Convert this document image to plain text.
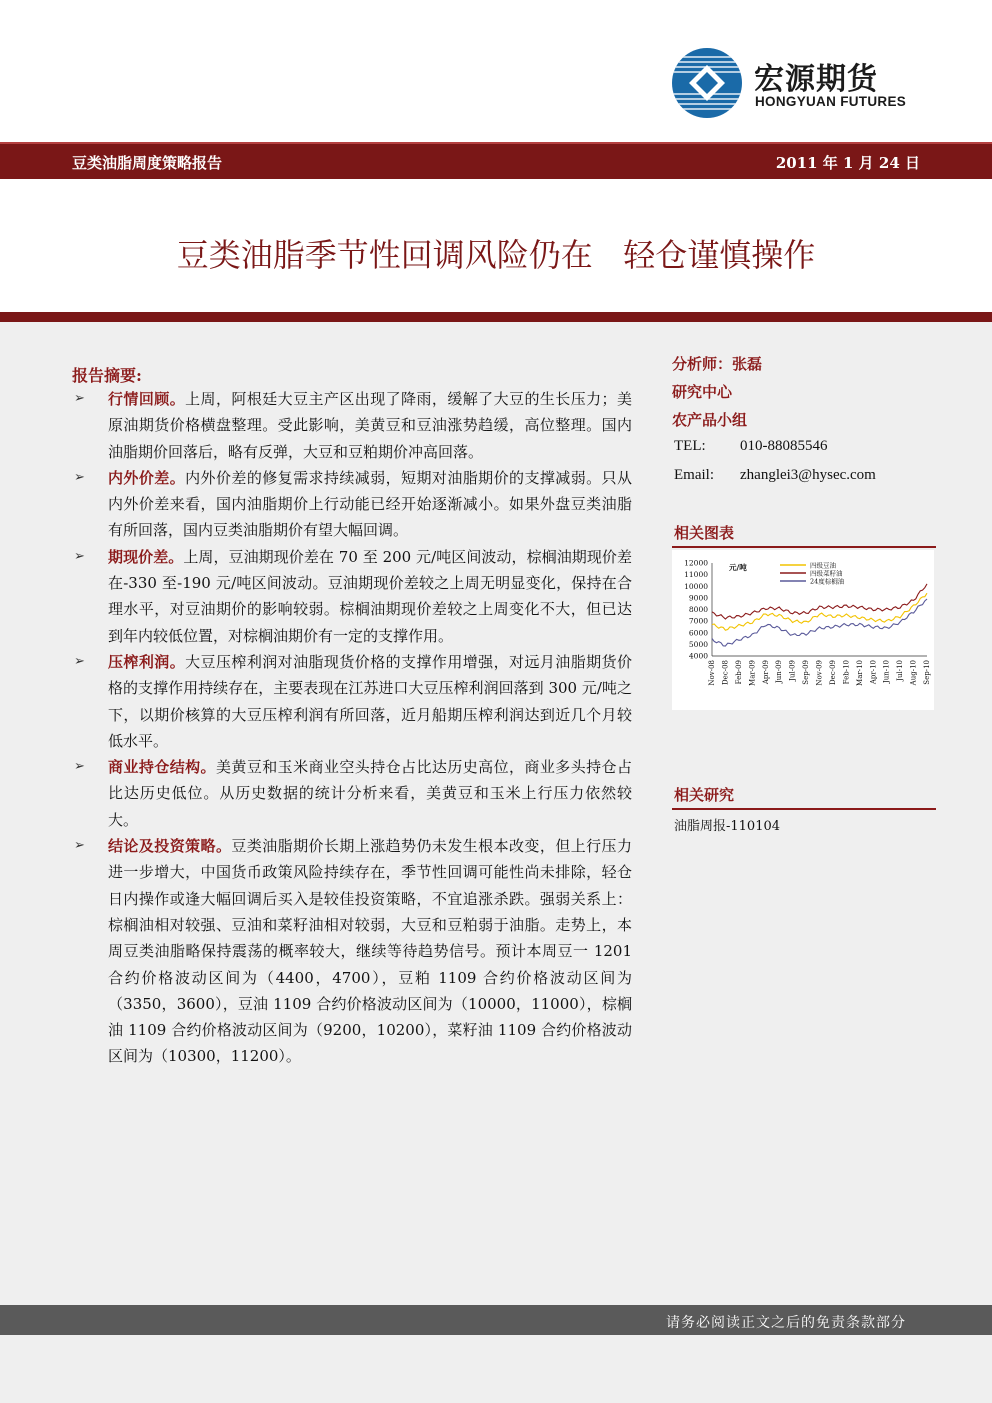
宏源期货
HONGYUAN FUTURES
豆类油脂周度策略报告	2011 年 1 月 24 日
豆类油脂季节性回调风险仍在   轻仓谨慎操作
报告摘要:
➢ 行情回顾。上周，阿根廷大豆主产区出现了降雨，缓解了大豆的生长压力；美原油期货价格横盘整理。受此影响，美黄豆和豆油涨势趋缓，高位整理。国内油脂期价回落后，略有反弹，大豆和豆粕期价冲高回落。
➢ 内外价差。内外价差的修复需求持续减弱，短期对油脂期价的支撑减弱。只从内外价差来看，国内油脂期价上行动能已经开始逐渐减小。如果外盘豆类油脂有所回落，国内豆类油脂期价有望大幅回调。
➢ 期现价差。上周，豆油期现价差在 70 至 200 元/吨区间波动，棕榈油期现价差在-330 至-190 元/吨区间波动。豆油期现价差较之上周无明显变化，保持在合理水平，对豆油期价的影响较弱。棕榈油期现价差较之上周变化不大，但已达到年内较低位置，对棕榈油期价有一定的支撑作用。
➢ 压榨利润。大豆压榨利润对油脂现货价格的支撑作用增强，对远月油脂期货价格的支撑作用持续存在，主要表现在江苏进口大豆压榨利润回落到 300 元/吨之下，以期价核算的大豆压榨利润有所回落，近月船期压榨利润达到近几个月较低水平。
➢ 商业持仓结构。美黄豆和玉米商业空头持仓占比达历史高位，商业多头持仓占比达历史低位。从历史数据的统计分析来看，美黄豆和玉米上行压力依然较大。
➢ 结论及投资策略。豆类油脂期价长期上涨趋势仍未发生根本改变，但上行压力进一步增大，中国货币政策风险持续存在，季节性回调可能性尚未排除，轻仓日内操作或逢大幅回调后买入是较佳投资策略，不宜追涨杀跌。强弱关系上：棕榈油相对较强、豆油和菜籽油相对较弱，大豆和豆粕弱于油脂。走势上，本周豆类油脂略保持震荡的概率较大，继续等待趋势信号。预计本周豆一 1201 合约价格波动区间为（4400，4700），豆粕 1109 合约价格波动区间为（3350，3600），豆油 1109 合约价格波动区间为（10000，11000），棕榈油 1109 合约价格波动区间为（9200，10200），菜籽油 1109 合约价格波动区间为（10300，11200）。
分析师：张磊
研究中心
农产品小组
TEL: 010-88085546
Email: zhanglei3@hysec.com
相关图表
12000
11000
10000
9000
8000
7000
6000
5000
4000
Nov-08 Dec-08 Feb-09 Mar-09 Apr-09 Jun-09 Jul-09 Sep-09 Nov-09 Dec-09 Feb-10 Mar-10 Apr-10 Jun-10 Jul-10 Aug-10 Sep-10
元/吨	四级豆油
四级菜籽油
24度棕榈油
相关研究
油脂周报-110104
请务必阅读正文之后的免责条款部分
